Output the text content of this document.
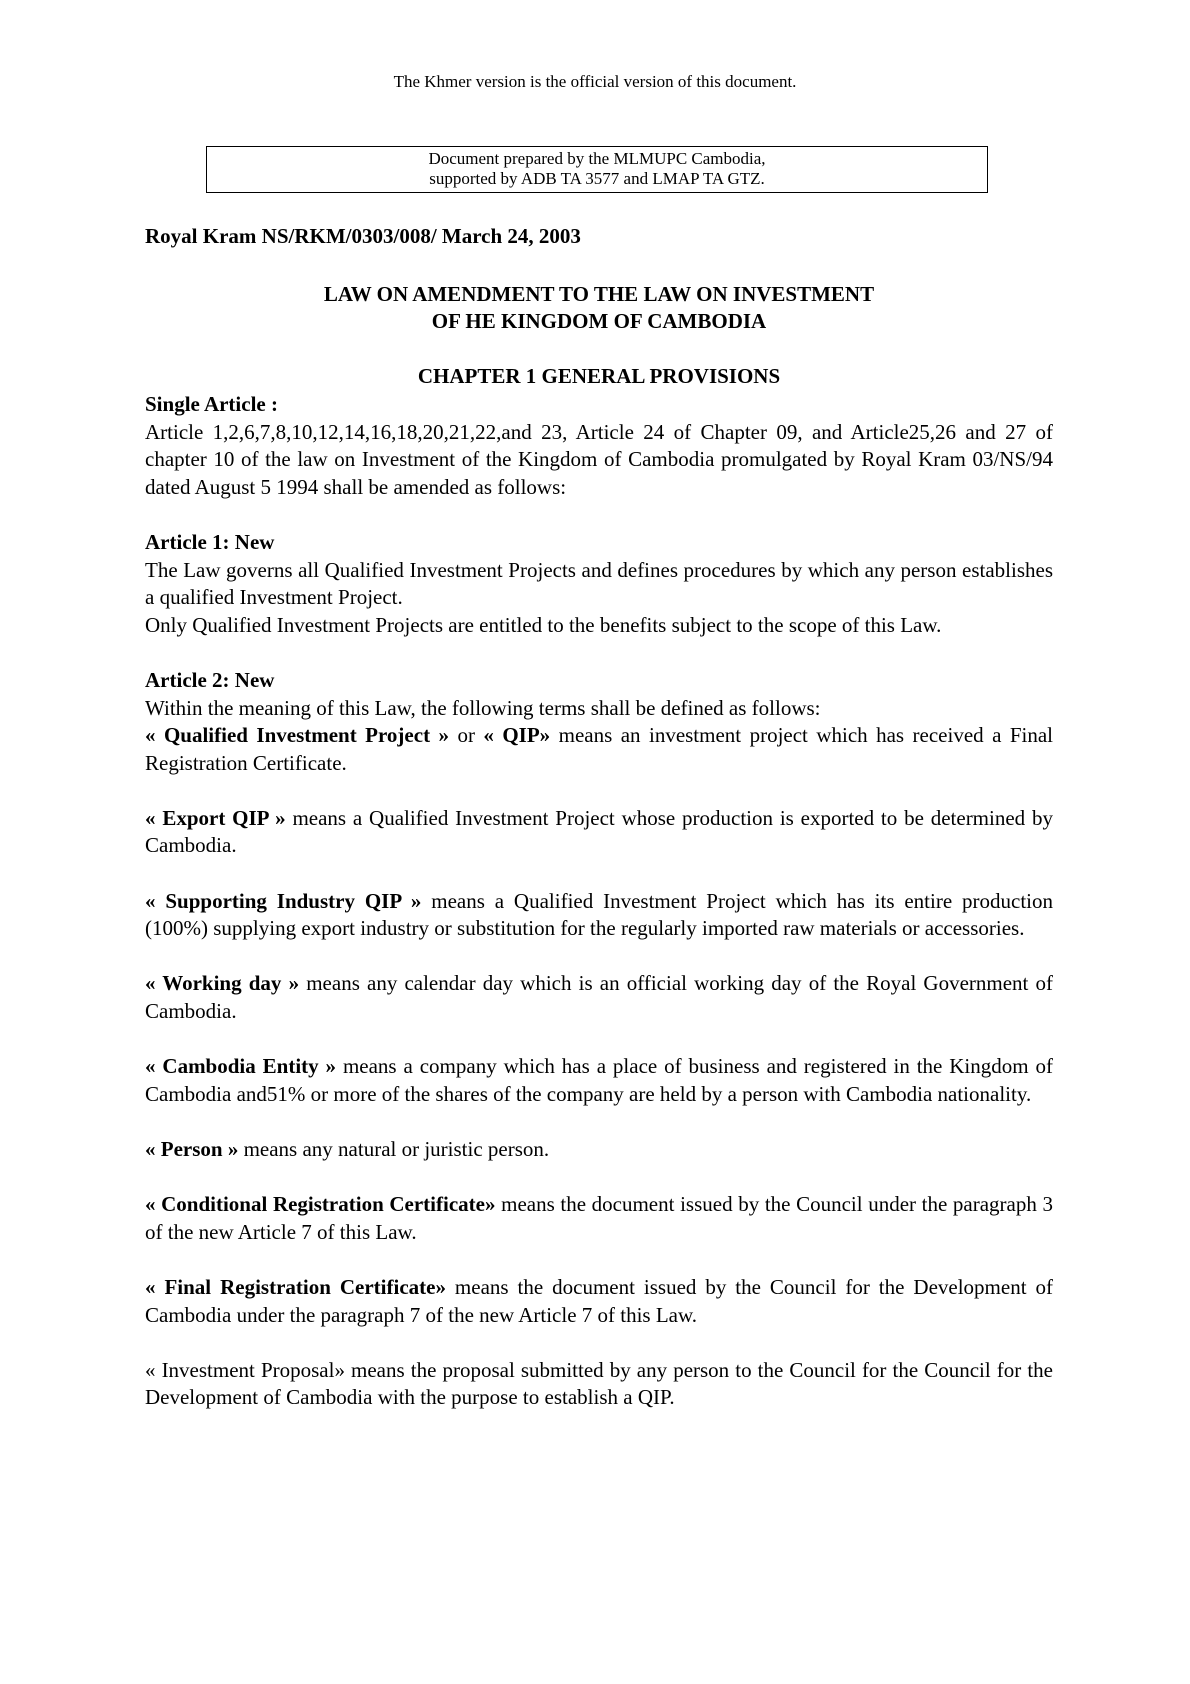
The Khmer version is the official version of this document.
Document prepared by the MLMUPC Cambodia,
supported by ADB TA 3577 and LMAP TA GTZ.

Royal Kram NS/RKM/0303/008/ March 24, 2003

LAW ON AMENDMENT TO THE LAW ON INVESTMENT
OF HE KINGDOM OF CAMBODIA

CHAPTER 1 GENERAL PROVISIONS

Single Article :

Article 1,2,6,7,8,10,12,14,16,18,20,21,22,and 23, Article 24 of Chapter 09, and Article25,26 and 27 of chapter 10 of the law on Investment of the Kingdom of Cambodia promulgated by Royal Kram 03/NS/94 dated August 5 1994 shall be amended as follows:

Article 1: New

The Law governs all Qualified Investment Projects and defines procedures by which any person establishes a qualified Investment Project.

Only Qualified Investment Projects are entitled to the benefits subject to the scope of this Law.

Article 2: New

Within the meaning of this Law, the following terms shall be defined as follows:

« Qualified Investment Project » or « QIP» means an investment project which has received a Final Registration Certificate.

« Export QIP » means a Qualified Investment Project whose production is exported to be determined by Cambodia.

« Supporting Industry QIP » means a Qualified Investment Project which has its entire production (100%) supplying export industry or substitution for the regularly imported raw materials or accessories.

« Working day » means any calendar day which is an official working day of the Royal Government of Cambodia.

« Cambodia Entity » means a company which has a place of business and registered in the Kingdom of Cambodia and51% or more of the shares of the company are held by a person with Cambodia nationality.

« Person » means any natural or juristic person.

« Conditional Registration Certificate» means the document issued by the Council under the paragraph 3 of the new Article 7 of this Law.

« Final Registration Certificate» means the document issued by the Council for the Development of Cambodia under the paragraph 7 of the new Article 7 of this Law.

« Investment Proposal» means the proposal submitted by any person to the Council for the Council for the Development of Cambodia with the purpose to establish a QIP.
